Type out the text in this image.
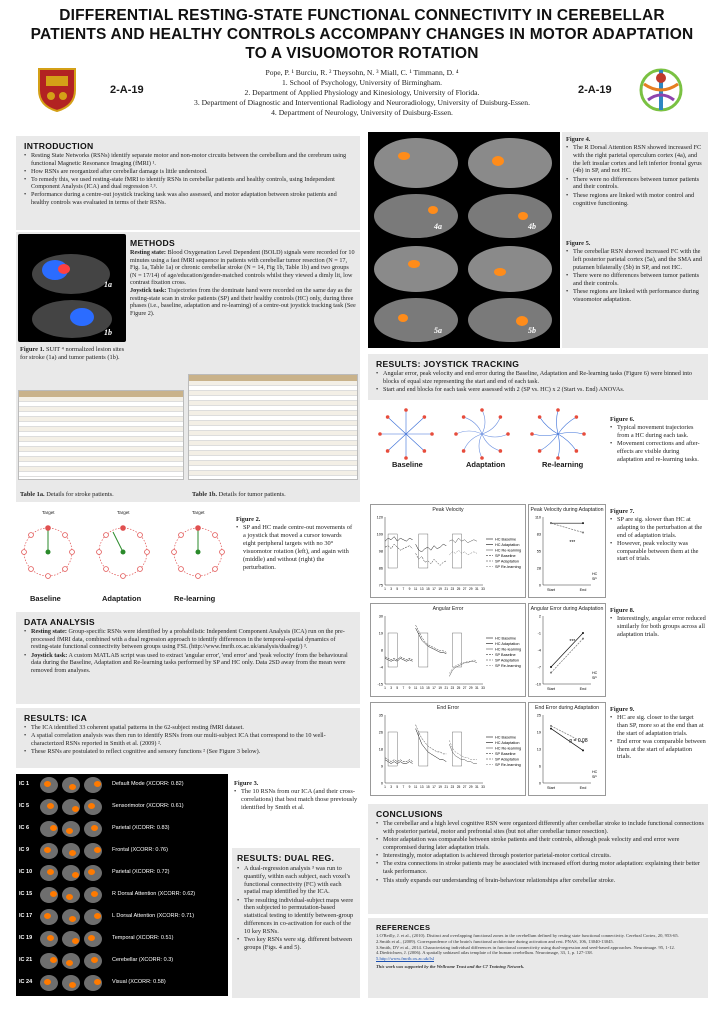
DIFFERENTIAL RESTING-STATE FUNCTIONAL CONNECTIVITY IN CEREBELLAR PATIENTS AND HEALTHY CONTROLS ACCOMPANY CHANGES IN MOTOR ADAPTATION TO A VISUOMOTOR ROTATION
2-A-19
Pope, P. ¹ Burciu, R. ² Theysohn, N. ³ Miall, C. ¹ Timmann, D. ⁴
1. School of Psychology, University of Birmingham.
2. Department of Applied Physiology and Kinesiology, University of Florida.
3. Department of Diagnostic and Interventional Radiology and Neuroradiology, University of Duisburg-Essen.
4. Department of Neurology, University of Duisburg-Essen.
2-A-19
INTRODUCTION
• Resting State Networks (RSNs) identify separate motor and non-motor circuits between the cerebellum and the cerebrum using functional Magnetic Resonance Imaging (fMRI) ¹.
• How RSNs are reorganized after cerebellar damage is little understood.
• To remedy this, we used resting-state fMRI to identify RSNs in cerebellar patients and healthy controls, using Independent Component Analysis (ICA) and dual regression ².³.
• Performance during a centre-out joystick tracking task was also assessed, and motor adaptation between stroke patients and healthy controls was evaluated in terms of their RSNs.
1a
1b
Figure 1. SUIT ⁴ normalized lesion sites for stroke (1a) and tumor patients (1b).
METHODS
Resting state: Blood Oxygenation Level Dependent (BOLD) signals were recorded for 10 minutes using a fast fMRI sequence in patients with cerebellar tumor resection (N = 17, Fig. 1a, Table 1a) or chronic cerebellar stroke (N = 14, Fig 1b, Table 1b) and two groups (N = 17/14) of age/education/gender-matched controls whilst they viewed a dimly lit, low contrast fixation cross.
Joystick task: Trajectories from the dominate hand were recorded on the same day as the resting-state scan in stroke patients (SP) and their healthy controls (HC) only, during three phases (i.e., baseline, adaptation and re-learning) of a centre-out joystick tracking task (See Figure 2).
Table 1a. Details for stroke patients.	Table 1b. Details for tumor patients.
Target	Target	Target
Baseline	Adaptation	Re-learning
Figure 2.
• SP and HC made centre-out movements of a joystick that moved a cursor towards eight peripheral targets with no 30° visuomotor rotation (left), and again with (middle) and without (right) the perturbation.
DATA ANALYSIS
• Resting state: Group-specific RSNs were identified by a probabilistic Independent Component Analysis (ICA) run on the pre-processed fMRI data, combined with a dual regression approach to identify differences in the temporal-spatial dynamics of resting-state functional connectivity between groups using FSL (http://www.fmrib.ox.ac.uk/analysis/dualreg/) ³.
• Joystick task: A custom MATLAB script was used to extract 'angular error', 'end error' and 'peak velocity' from the behavioural data during the Baseline, Adaptation and Re-learning tasks performed by SP and HC only. Data 2SD away from the mean were removed from analyses.
RESULTS: ICA
• The ICA identified 33 coherent spatial patterns in the 62-subject resting fMRI dataset.
• A spatial correlation analysis was then run to identify RSNs from our multi-subject ICA that correspond to the 10 well-characterized RSNs reported in Smith et al. (2009) ².
• These RSNs are postulated to reflect cognitive and sensory functions ² (See Figure 3 below).
IC 1	Default Mode (XCORR: 0.82)
IC 5	Sensorimotor (XCORR: 0.61)
IC 6	Parietal (XCORR: 0.83)
IC 9	Frontal (XCORR: 0.76)
IC 10	Parietal (XCORR: 0.72)
IC 15	R Dorsal Attention (XCORR: 0.62)
IC 17	L Dorsal Attention (XCORR: 0.71)
IC 19	Temporal (XCORR: 0.51)
IC 21	Cerebellar (XCORR: 0.3)
IC 24	Visual (XCORR: 0.58)
Figure 3.
• The 10 RSNs from our ICA (and their cross-correlations) that best match those previously identified by Smith et al.
RESULTS: DUAL REG.
• A dual-regression analysis ³ was run to quantify, within each subject, each voxel's functional connectivity (FC) with each spatial map identified by the ICA.
• The resulting individual-subject maps were then subjected to permutation-based statistical testing to identify between-group differences in co-activation for each of the 10 key RSNs.
• Two key RSNs were sig. different between groups (Figs. 4 and 5).
4a	4b
5a	5b
Figure 4.
• The R Dorsal Attention RSN showed increased FC with the right parietal operculum cortex (4a), and the left insular cortex and left inferior frontal gyrus (4b) in SP, and not HC.
• There were no differences between tumor patients and their controls.
• These regions are linked with motor control and cognitive functioning.
Figure 5.
• The cerebellar RSN showed increased FC with the left posterior parietal cortex (5a), and the SMA and putamen bilaterally (5b) in SP, and not HC.
• There were no differences between tumor patients and their controls.
• These regions are linked with performance during visuomotor adaptation.
RESULTS: JOYSTICK TRACKING
• Angular error, peak velocity and end error during the Baseline, Adaptation and Re-learning tasks (Figure 6) were binned into blocks of equal size representing the start and end of each task.
• Start and end blocks for each task were assessed with 2 (SP vs. HC) x 2 (Start vs. End) ANOVAs.
Baseline	Adaptation	Re-learning
Figure 6.
• Typical movement trajectories from a HC during each task.
• Movement corrections and after-effects are visible during adaptation and re-learning tasks.
Peak Velocity
75
86
98
109
120
HC Baseline
HC Adaptation
HC Re-learning
SP Baseline
SP Adaptation
SP Re-learning
1 3 5 7 9 11 13 15 17 19 21 23 25 27 29 31 33
Peak Velocity during Adaptation
0
28
55
83
110
HC
SP
Start	End
***
Figure 7.
• SP are sig. slower than HC at adapting to the perturbation at the end of adaptation trials.
• However, peak velocity was comparable between them at the start of trials.
Angular Error
-15
-4
8
19
30
HC Baseline
HC Adaptation
HC Re-learning
SP Baseline
SP Adaptation
SP Re-learning
1 3 5 7 9 11 13 15 17 19 21 23 25 27 29 31 33
Angular Error during Adaptation
-10
-7
-4
-1
2
HC
SP
Start	End
***
Figure 8.
• Interestingly, angular error reduced similarly for both groups across all adaptation trials.
End Error
0
9
18
26
35
HC Baseline
HC Adaptation
HC Re-learning
SP Baseline
SP Adaptation
SP Re-learning
1 3 5 7 9 11 13 15 17 19 21 23 25 27 29 31 33
End Error during Adaptation
0
6
13
19
25
HC
SP
Start	End
p = 0.08
Figure 9.
• HC are sig. closer to the target than SP, more so at the end than at the start of adaptation trials.
• End error was comparable between them at the start of adaptation trials.
CONCLUSIONS
• The cerebellar and a high level cognitive RSN were organized differently after cerebellar stroke to include functional connections with posterior parietal, motor and prefrontal sites (but not after cerebellar tumor resection).
• Motor adaptation was comparable between stroke patients and their controls, although peak velocity and end error were compromised during later adaptation trials.
• Interestingly, motor adaptation is achieved through posterior parietal-motor cortical circuits.
• The extra connections in stroke patients may be associated with increased effort during motor adaptation: explaining their better task performance.
• This study expands our understanding of brain-behaviour relationships after cerebellar stroke.
REFERENCES
1.O'Reilly, J. et al., (2010). Distinct and overlapping functional zones in the cerebellum defined by resting state functional connectivity. Cerebral Cortex, 20, 953-65.
2.Smith et al., (2009). Correspondence of the brain's functional architecture during activation and rest. PNAS, 106, 13040-13045.
3.Smith, DV et al., 2014. Characterizing individual differences in functional connectivity using dual-regression and seed-based approaches. Neuroimage. 95, 1-12.
4.Diedrichsen, J. (2006). A spatially unbiased atlas template of the human cerebellum. Neuroimage, 33, 1, p. 127-138.
5.http://www.fmrib.ox.ac.uk/fsl
This work was supported by the Wellcome Trust and the C7 Training Network.
